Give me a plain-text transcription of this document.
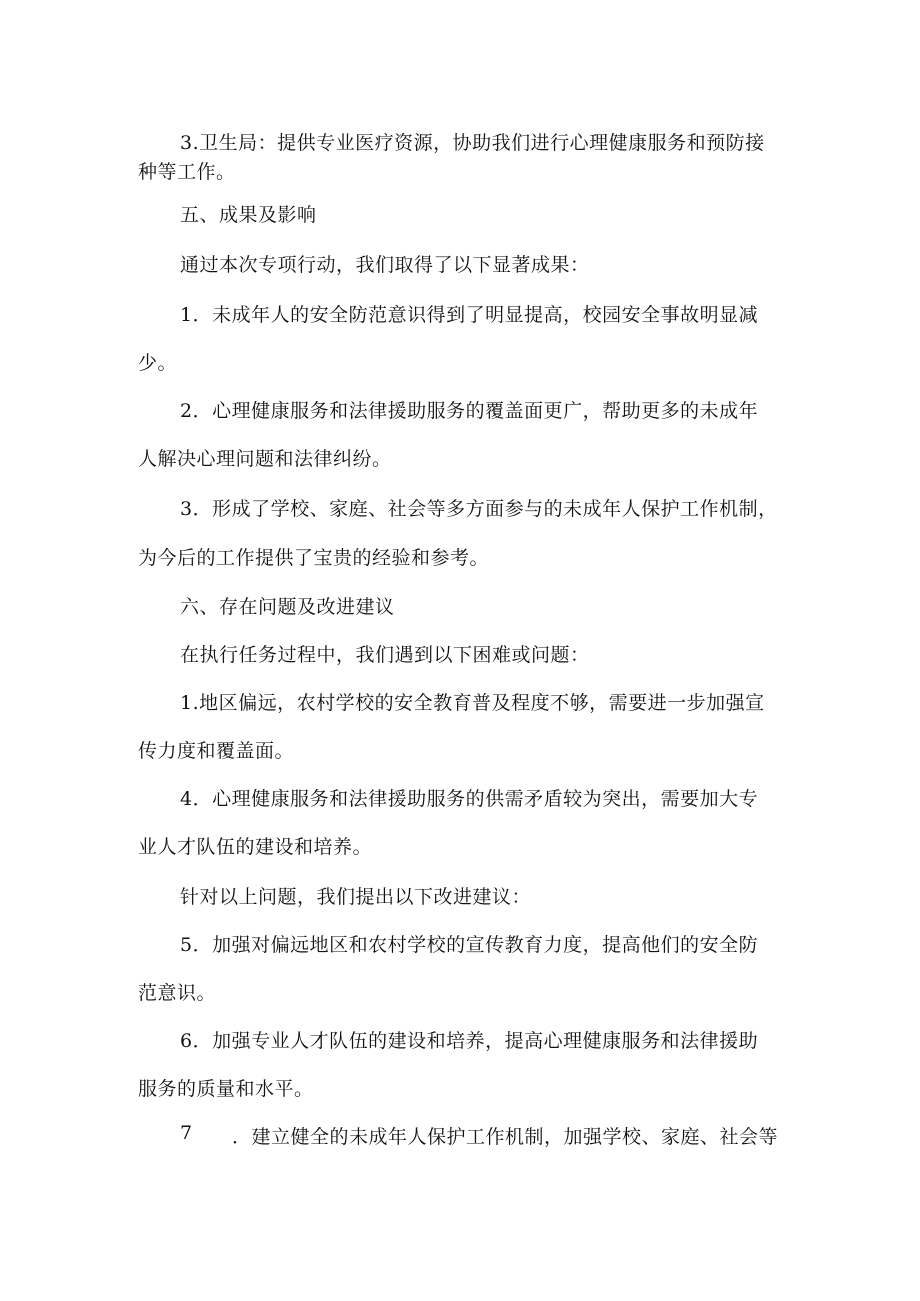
3.卫生局：提供专业医疗资源，协助我们进行心理健康服务和预防接
种等工作。
五、成果及影响
通过本次专项行动，我们取得了以下显著成果：
1．未成年人的安全防范意识得到了明显提高，校园安全事故明显减
少。
2．心理健康服务和法律援助服务的覆盖面更广，帮助更多的未成年
人解决心理问题和法律纠纷。
3．形成了学校、家庭、社会等多方面参与的未成年人保护工作机制，
为今后的工作提供了宝贵的经验和参考。
六、存在问题及改进建议
在执行任务过程中，我们遇到以下困难或问题：
1.地区偏远，农村学校的安全教育普及程度不够，需要进一步加强宣
传力度和覆盖面。
4．心理健康服务和法律援助服务的供需矛盾较为突出，需要加大专
业人才队伍的建设和培养。
针对以上问题，我们提出以下改进建议：
5．加强对偏远地区和农村学校的宣传教育力度，提高他们的安全防
范意识。
6．加强专业人才队伍的建设和培养，提高心理健康服务和法律援助
服务的质量和水平。
7 ．建立健全的未成年人保护工作机制，加强学校、家庭、社会等
